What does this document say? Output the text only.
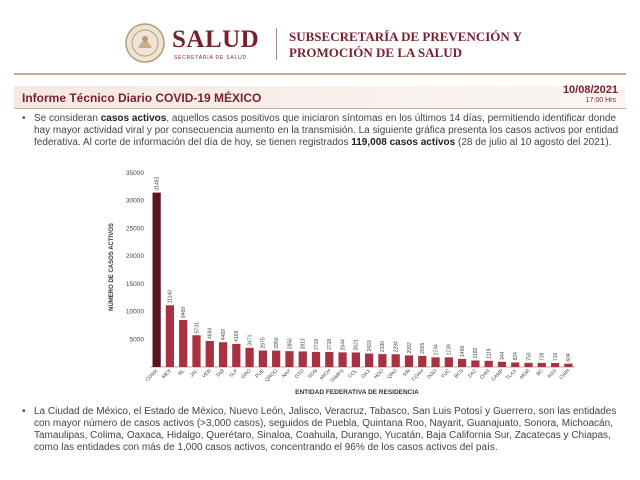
SALUD
SECRETARÍA DE SALUD
SUBSECRETARÍA DE PREVENCIÓN Y
PROMOCIÓN DE LA SALUD
Informe Técnico Diario COVID-19 MÉXICO
10/08/2021
17:00 Hrs
• Se consideran casos activos, aquellos casos positivos que iniciaron síntomas en los últimos 14 días, permitiendo identificar donde hay mayor actividad viral y por consecuencia aumento en la transmisión. La siguiente gráfica presenta los casos activos por entidad federativa. Al corte de información del día de hoy, se tienen registrados 119,008 casos activos (28 de julio al 10 agosto del 2021).
5000
10000
15000
20000
25000
30000
35000
31463
CDMX
11140
MEX
8469
NL
5731
JAL
4694
VER
4469
TAB
4169
SLP
3471
GRO
2975
PUE
2950
QROO
2856
NAY
2813
GTO
2719
SON
2718
MICH
2644
TAMPS
2621
COL
2433
OAX
2330
HGO
2294
QRO
2092
SIN
2005
COAH
1744
DGO
1739
YUC
1458
BCS
1182
ZAC
1119
CHIS
944
CAMP
824
TLAX
750
MOR
739
BC
716
AGS
604
CHIH
NÚMERO DE CASOS ACTIVOS
ENTIDAD FEDERATIVA DE RESIDENCIA
• La Ciudad de México, el Estado de México, Nuevo León, Jalisco, Veracruz, Tabasco, San Luis Potosí y Guerrero, son las entidades con mayor número de casos activos (>3,000 casos), seguidos de Puebla, Quintana Roo, Nayarit, Guanajuato, Sonora, Michoacán, Tamaulipas, Colima, Oaxaca, Hidalgo, Querétaro, Sinaloa, Coahuila, Durango, Yucatán, Baja California Sur, Zacatecas y Chiapas, como las entidades con más de 1,000 casos activos, concentrando el 96% de los casos activos del país.
